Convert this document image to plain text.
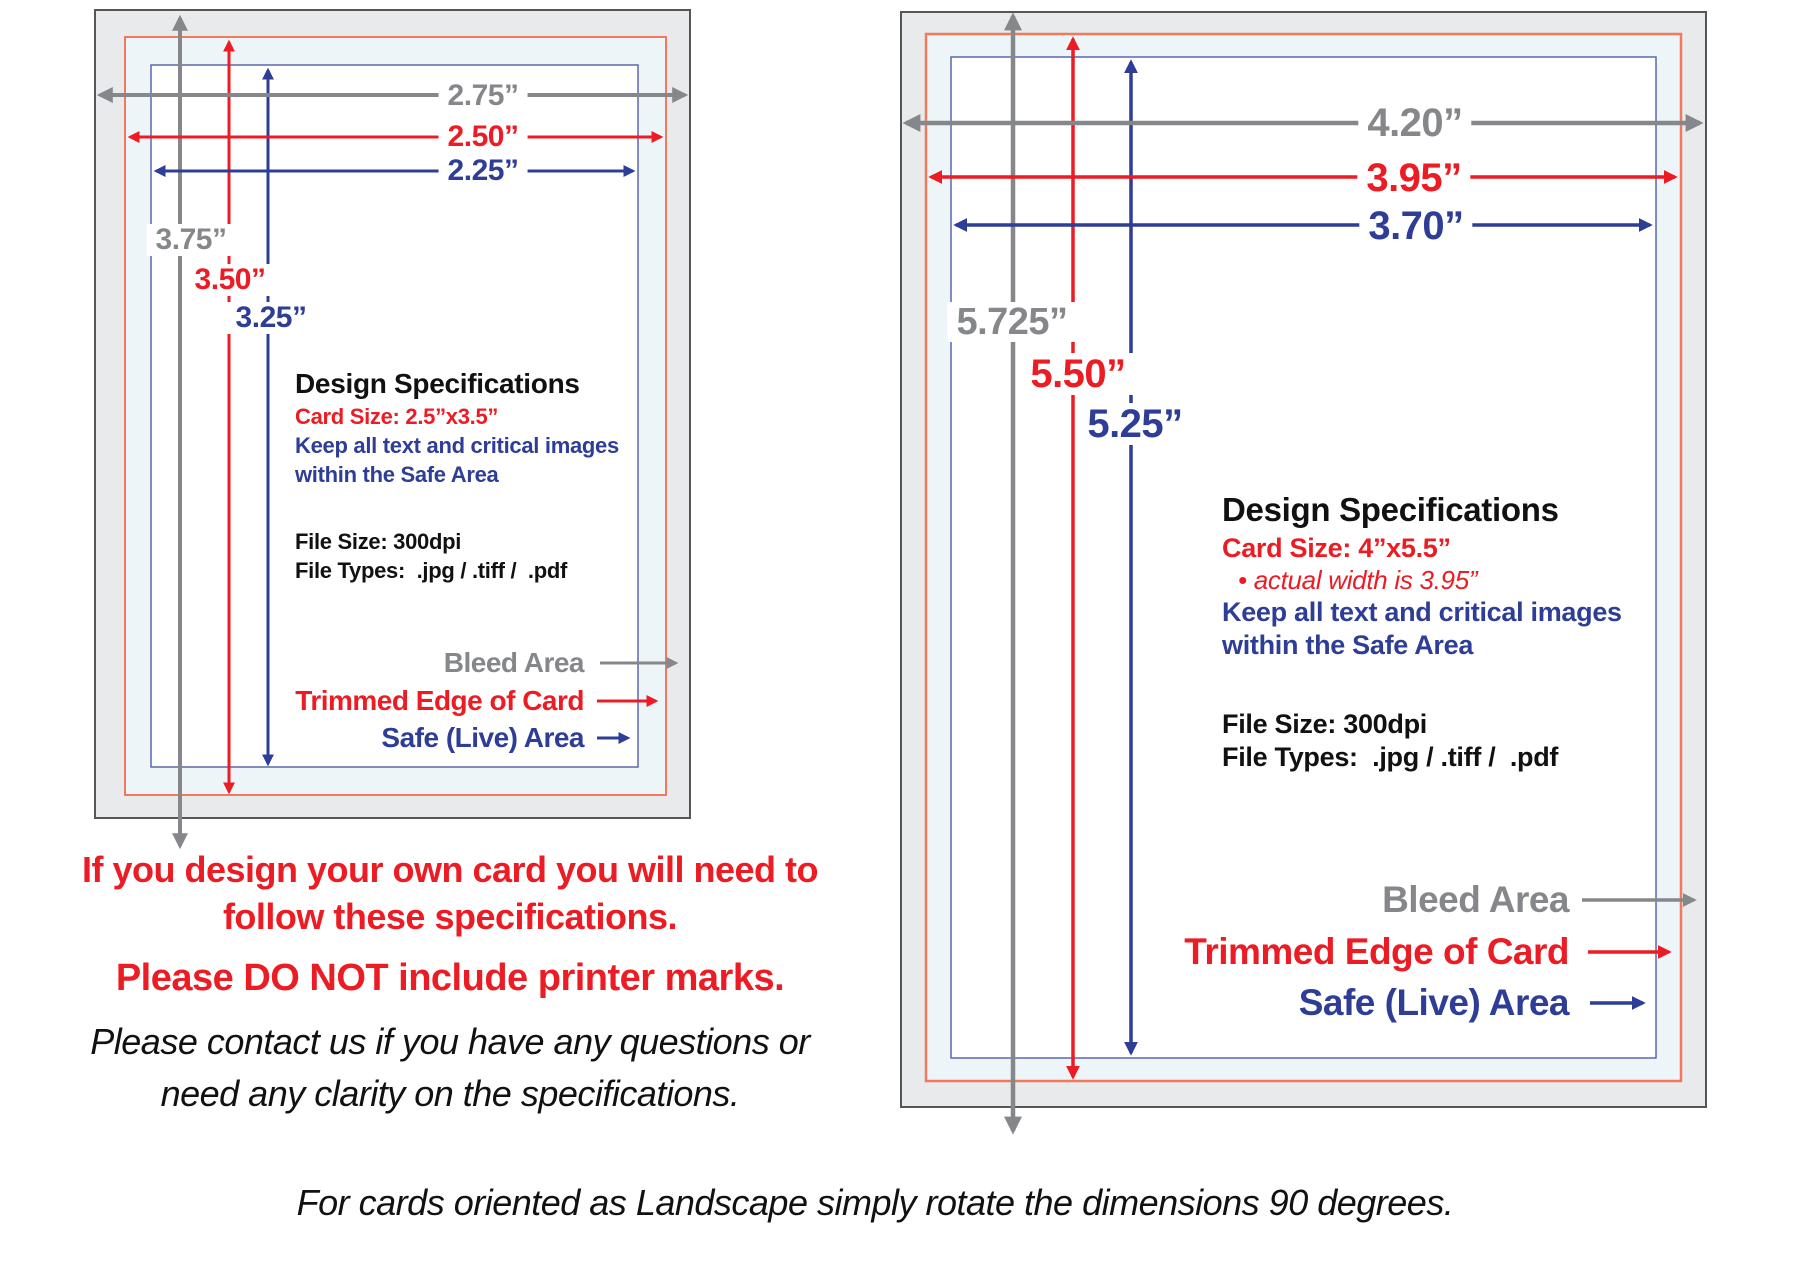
2.75”
2.50”
2.25”
3.75”
3.50”
3.25”
Design Specifications
Card Size: 2.5”x3.5”
Keep all text and critical images
within the Safe Area
File Size: 300dpi
File Types:  .jpg / .tiff /  .pdf
Bleed Area
Trimmed Edge of Card
Safe (Live) Area
4.20”
3.95”
3.70”
5.725”
5.50”
5.25”
Design Specifications
Card Size: 4”x5.5”
• actual width is 3.95”
Keep all text and critical images
within the Safe Area
File Size: 300dpi
File Types:  .jpg / .tiff /  .pdf
Bleed Area
Trimmed Edge of Card
Safe (Live) Area
If you design your own card you will need to
follow these specifications.
Please DO NOT include printer marks.
Please contact us if you have any questions or
need any clarity on the specifications.
For cards oriented as Landscape simply rotate the dimensions 90 degrees.
